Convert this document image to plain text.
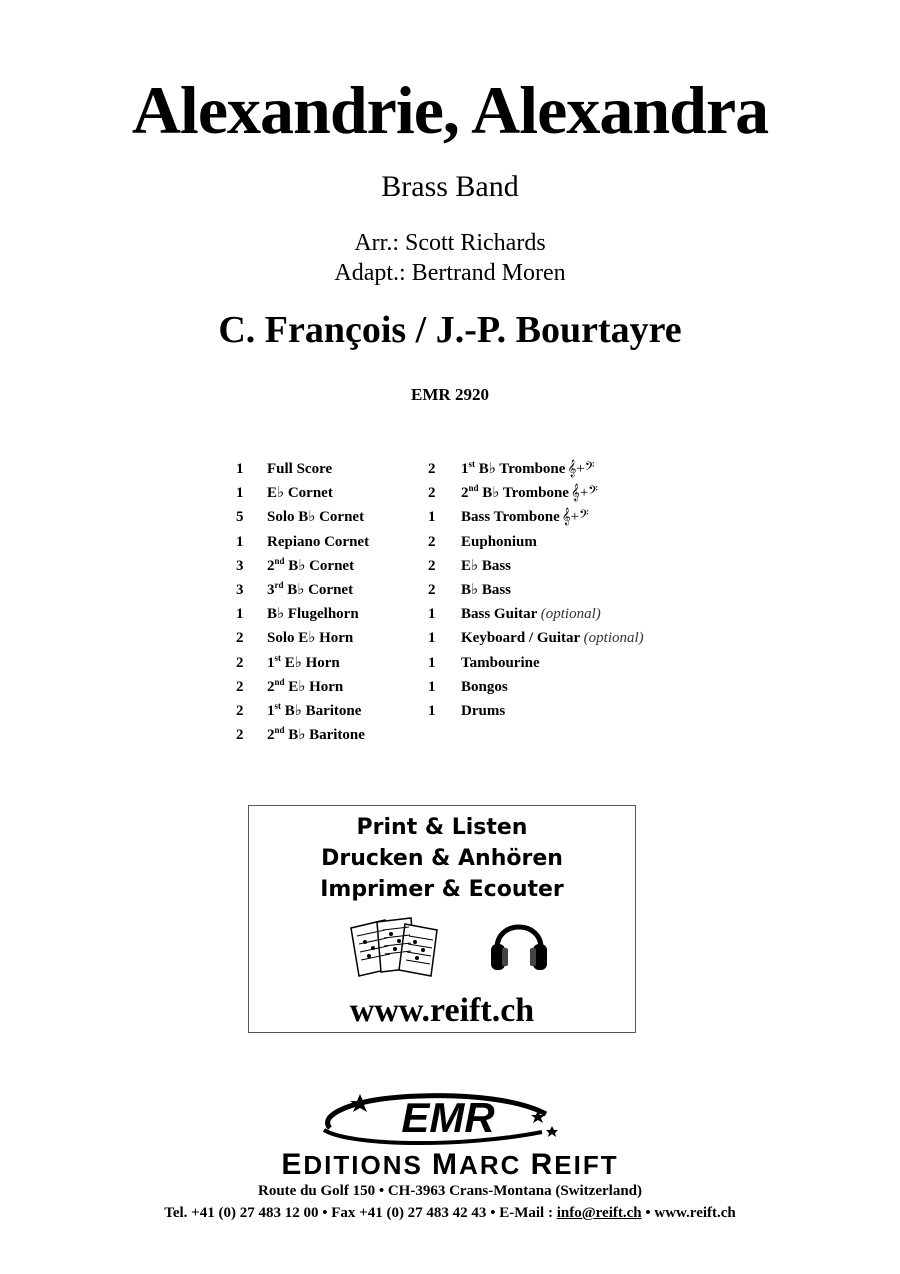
Alexandrie, Alexandra
Brass Band
Arr.: Scott Richards
Adapt.: Bertrand Moren
C. François / J.-P. Bourtayre
EMR 2920
1 Full Score
1 E♭ Cornet
5 Solo B♭ Cornet
1 Repiano Cornet
3 2nd B♭ Cornet
3 3rd B♭ Cornet
1 B♭ Flugelhorn
2 Solo E♭ Horn
2 1st E♭ Horn
2 2nd E♭ Horn
2 1st B♭ Baritone
2 2nd B♭ Baritone
2 1st B♭ Trombone 𝄞+𝄢
2 2nd B♭ Trombone 𝄞+𝄢
1 Bass Trombone 𝄞+𝄢
2 Euphonium
2 E♭ Bass
2 B♭ Bass
1 Bass Guitar (optional)
1 Keyboard / Guitar (optional)
1 Tambourine
1 Bongos
1 Drums
Print & Listen
Drucken & Anhören
Imprimer & Ecouter
www.reift.ch
EMR
EDITIONS MARC REIFT
Route du Golf 150 • CH-3963 Crans-Montana (Switzerland)
Tel. +41 (0) 27 483 12 00 • Fax +41 (0) 27 483 42 43 • E-Mail : info@reift.ch • www.reift.ch
